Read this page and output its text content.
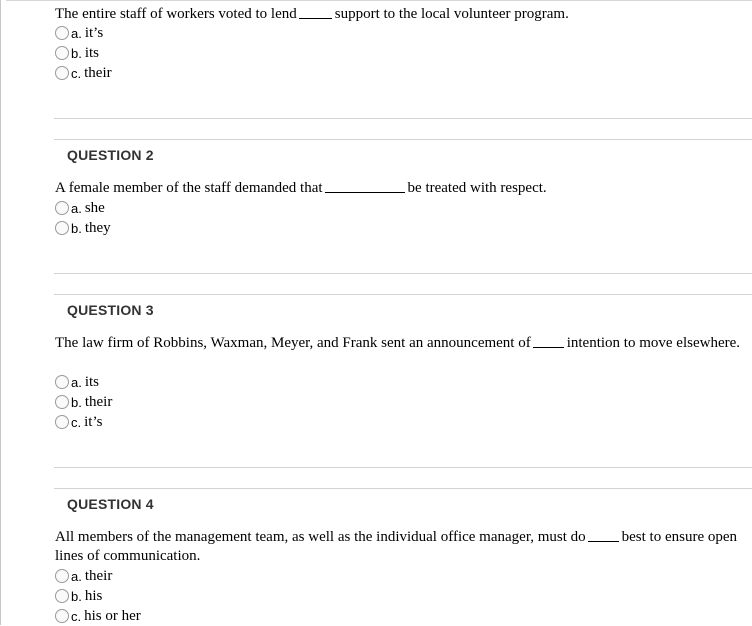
The entire staff of workers voted to lend	support to the local volunteer program.
a. it’s
b. its
c. their
QUESTION 2
A female member of the staff demanded that	be treated with respect.
a. she
b. they
QUESTION 3
The law firm of Robbins, Waxman, Meyer, and Frank sent an announcement of intention to move elsewhere.
a. its
b. their
c. it’s
QUESTION 4
All members of the management team, as well as the individual office manager, must do best to ensure open lines of communication.
a. their
b. his
c. his or her
